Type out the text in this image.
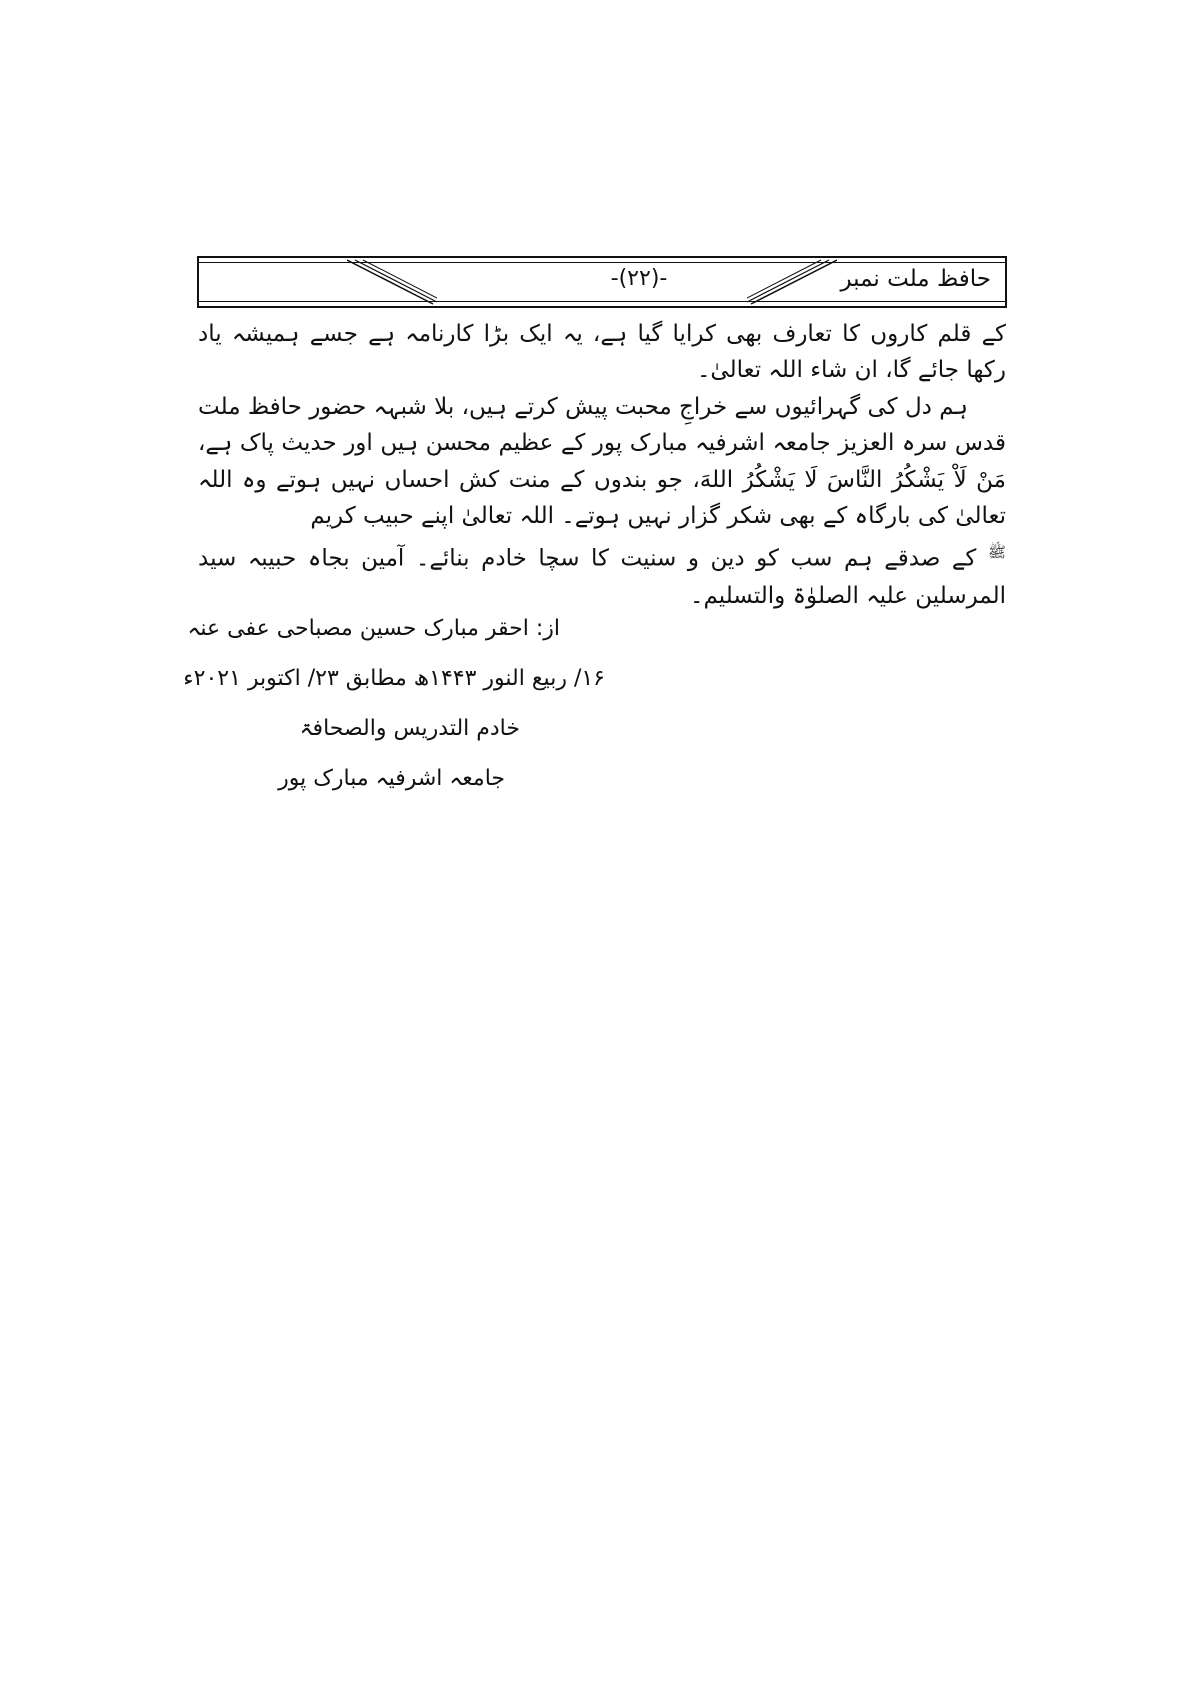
-(۲۲)-	حافظ ملت نمبر

کے قلم کاروں کا تعارف بھی کرایا گیا ہے، یہ ایک بڑا کارنامہ ہے جسے ہمیشہ یاد رکھا جائے گا، ان شاء اللہ تعالیٰ۔

ہم دل کی گہرائیوں سے خراجِ محبت پیش کرتے ہیں، بلا شبہہ حضور حافظ ملت قدس سرہ العزیز جامعہ اشرفیہ مبارک پور کے عظیم محسن ہیں اور حدیث پاک ہے، مَنْ لَاْ يَشْكُرُ النَّاسَ لَا يَشْكُرُ اللهَ، جو بندوں کے منت کش احساں نہیں ہوتے وہ اللہ تعالیٰ کی بارگاہ کے بھی شکر گزار نہیں ہوتے۔ اللہ تعالیٰ اپنے حبیب کریم

$^ﷺ$ کے صدقے ہم سب کو دین و سنیت کا سچا خادم بنائے۔ آمین بجاہ حبیبہ سید المرسلین علیہ الصلوٰۃ والتسلیم۔

از: احقر مبارک حسین مصباحی عفی عنہ
۱۶/ ربیع النور ۱۴۴۳ھ مطابق ۲۳/ اکتوبر ۲۰۲۱ء
خادم التدریس والصحافۃ
جامعہ اشرفیہ مبارک پور
